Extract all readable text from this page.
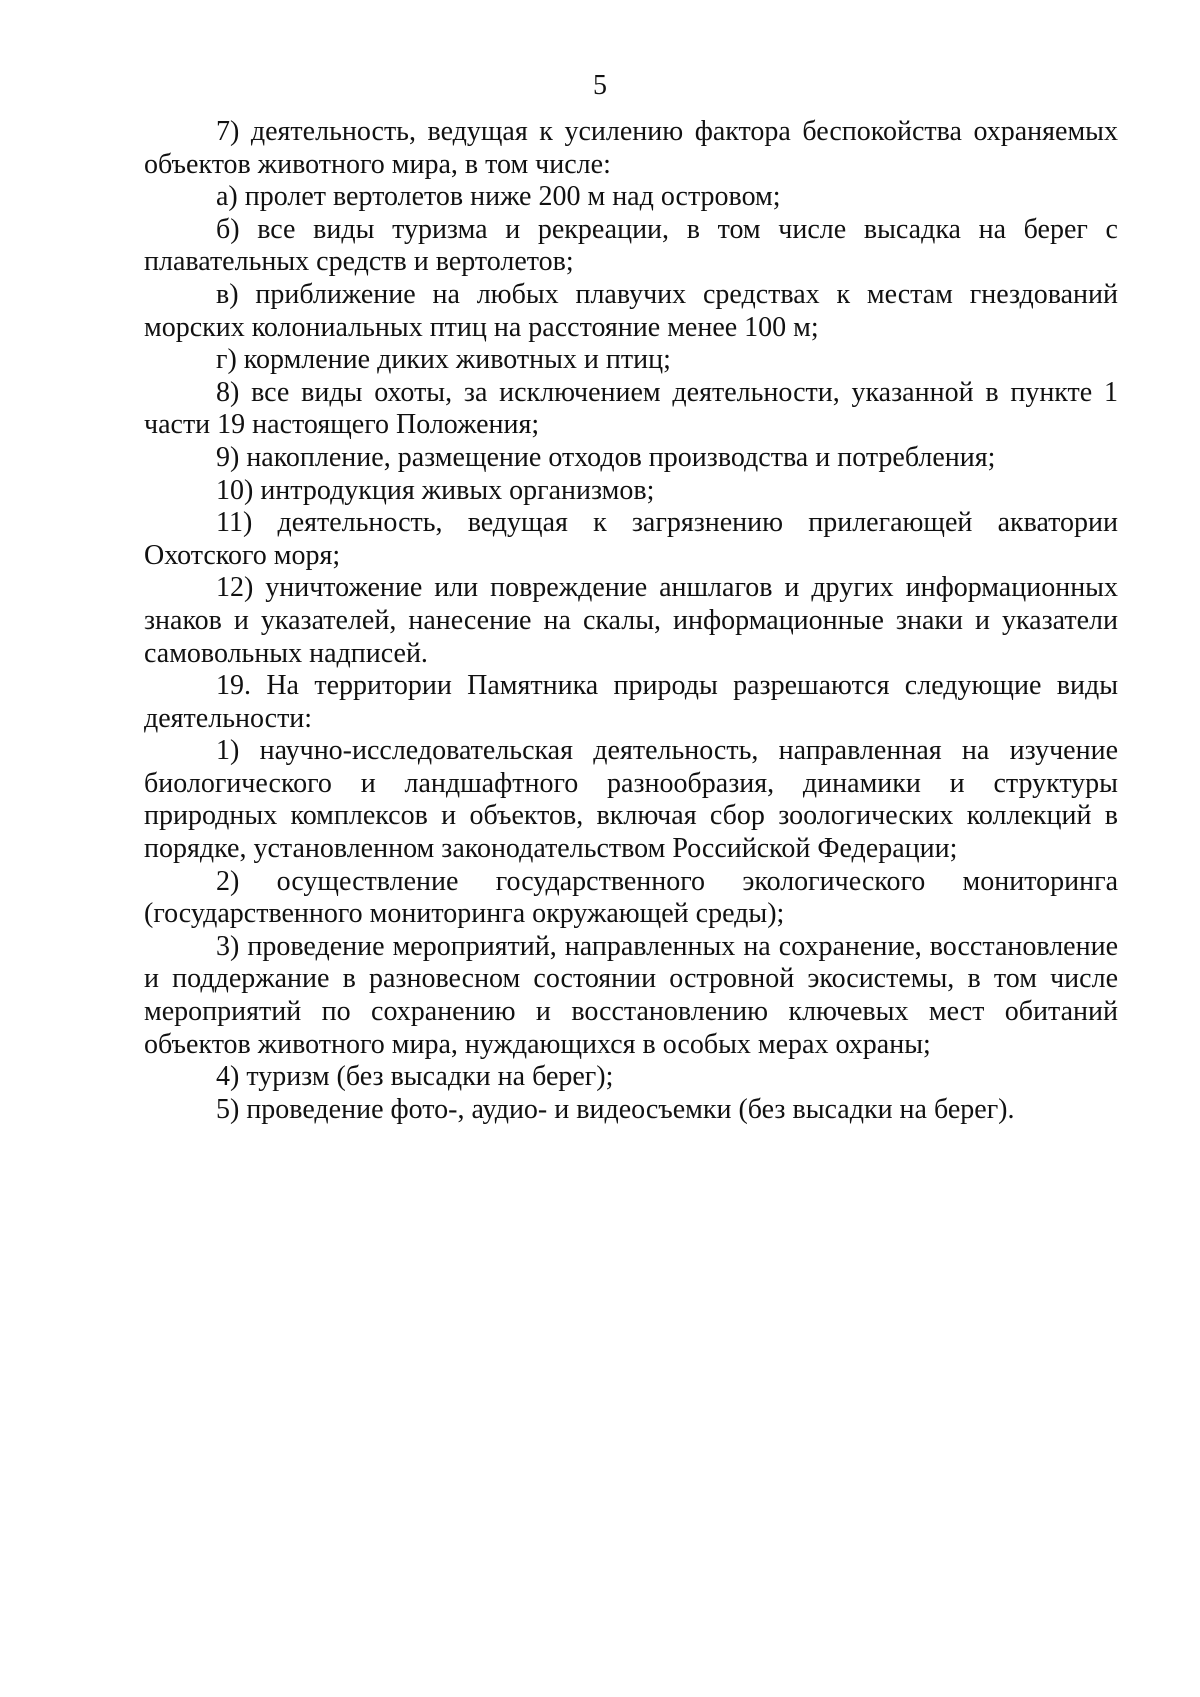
5

7) деятельность, ведущая к усилению фактора беспокойства охраняемых объектов животного мира, в том числе:

а) пролет вертолетов ниже 200 м над островом;

б) все виды туризма и рекреации, в том числе высадка на берег с плавательных средств и вертолетов;

в) приближение на любых плавучих средствах к местам гнездований морских колониальных птиц на расстояние менее 100 м;

г) кормление диких животных и птиц;

8) все виды охоты, за исключением деятельности, указанной в пункте 1 части 19 настоящего Положения;

9) накопление, размещение отходов производства и потребления;

10) интродукция живых организмов;

11) деятельность, ведущая к загрязнению прилегающей акватории Охотского моря;

12) уничтожение или повреждение аншлагов и других информационных знаков и указателей, нанесение на скалы, информационные знаки и указатели самовольных надписей.

19. На территории Памятника природы разрешаются следующие виды деятельности:

1) научно-исследовательская деятельность, направленная на изучение биологического и ландшафтного разнообразия, динамики и структуры природных комплексов и объектов, включая сбор зоологических коллекций в порядке, установленном законодательством Российской Федерации;

2) осуществление государственного экологического мониторинга (государственного мониторинга окружающей среды);

3) проведение мероприятий, направленных на сохранение, восстановление и поддержание в разновесном состоянии островной экосистемы, в том числе мероприятий по сохранению и восстановлению ключевых мест обитаний объектов животного мира, нуждающихся в особых мерах охраны;

4) туризм (без высадки на берег);

5) проведение фото-, аудио- и видеосъемки (без высадки на берег).
